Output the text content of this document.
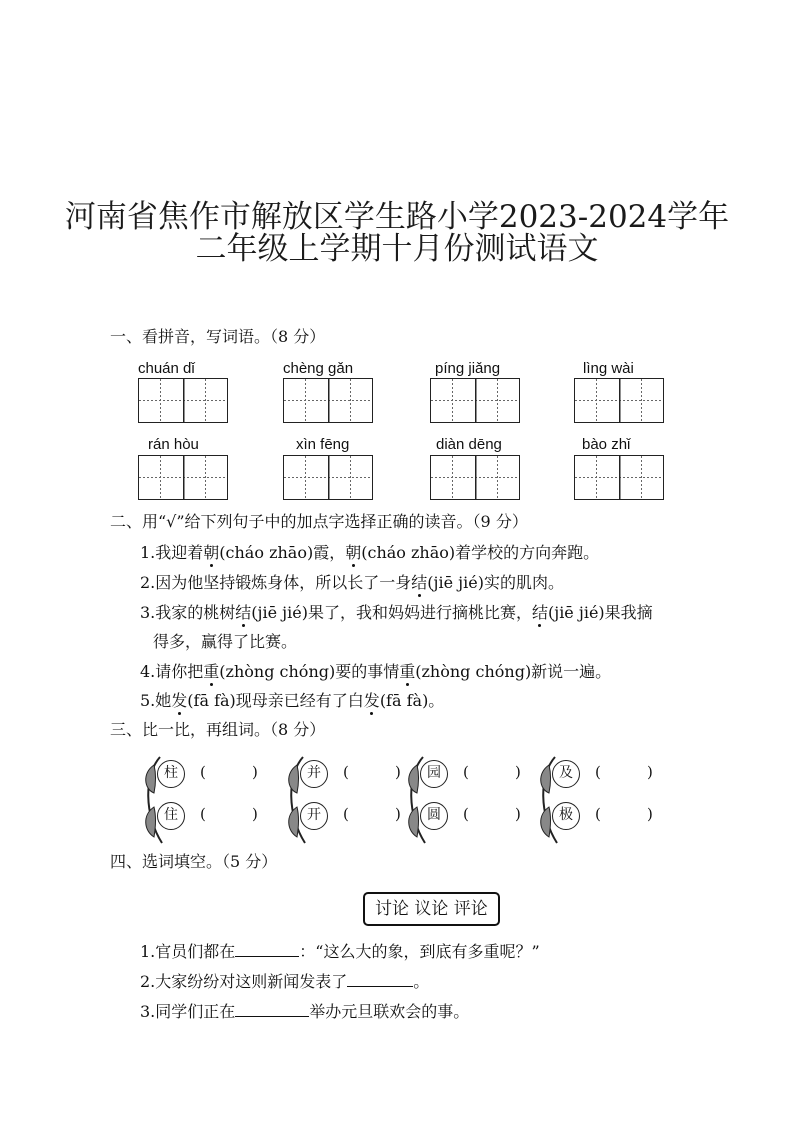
河南省焦作市解放区学生路小学2023-2024学年
二年级上学期十月份测试语文
一、看拼音，写词语。（8 分）
chuán dǐ	chèng gǎn	píng jiǎng	lìng wài
rán hòu	xìn fēng	diàn dēng	bào zhǐ
二、用“√”给下列句子中的加点字选择正确的读音。（9 分）
1.我迎着朝(cháo zhāo)霞，朝(cháo zhāo)着学校的方向奔跑。
2.因为他坚持锻炼身体，所以长了一身结(jiē jié)实的肌肉。
3.我家的桃树结(jiē jié)果了，我和妈妈进行摘桃比赛，结(jiē jié)果我摘
得多，赢得了比赛。
4.请你把重(zhòng chóng)要的事情重(zhòng chóng)新说一遍。
5.她发(fā fà)现母亲已经有了白发(fā fà)。
三、比一比，再组词。（8 分）
柱	(	)
住	(	)
并	(	)
开	(	)
园	(	)
圆	(	)
及	(	)
极	(	)
四、选词填空。（5 分）
讨论 议论 评论
1.官员们都在	：“这么大的象，到底有多重呢？”
2.大家纷纷对这则新闻发表了	。
3.同学们正在	举办元旦联欢会的事。
